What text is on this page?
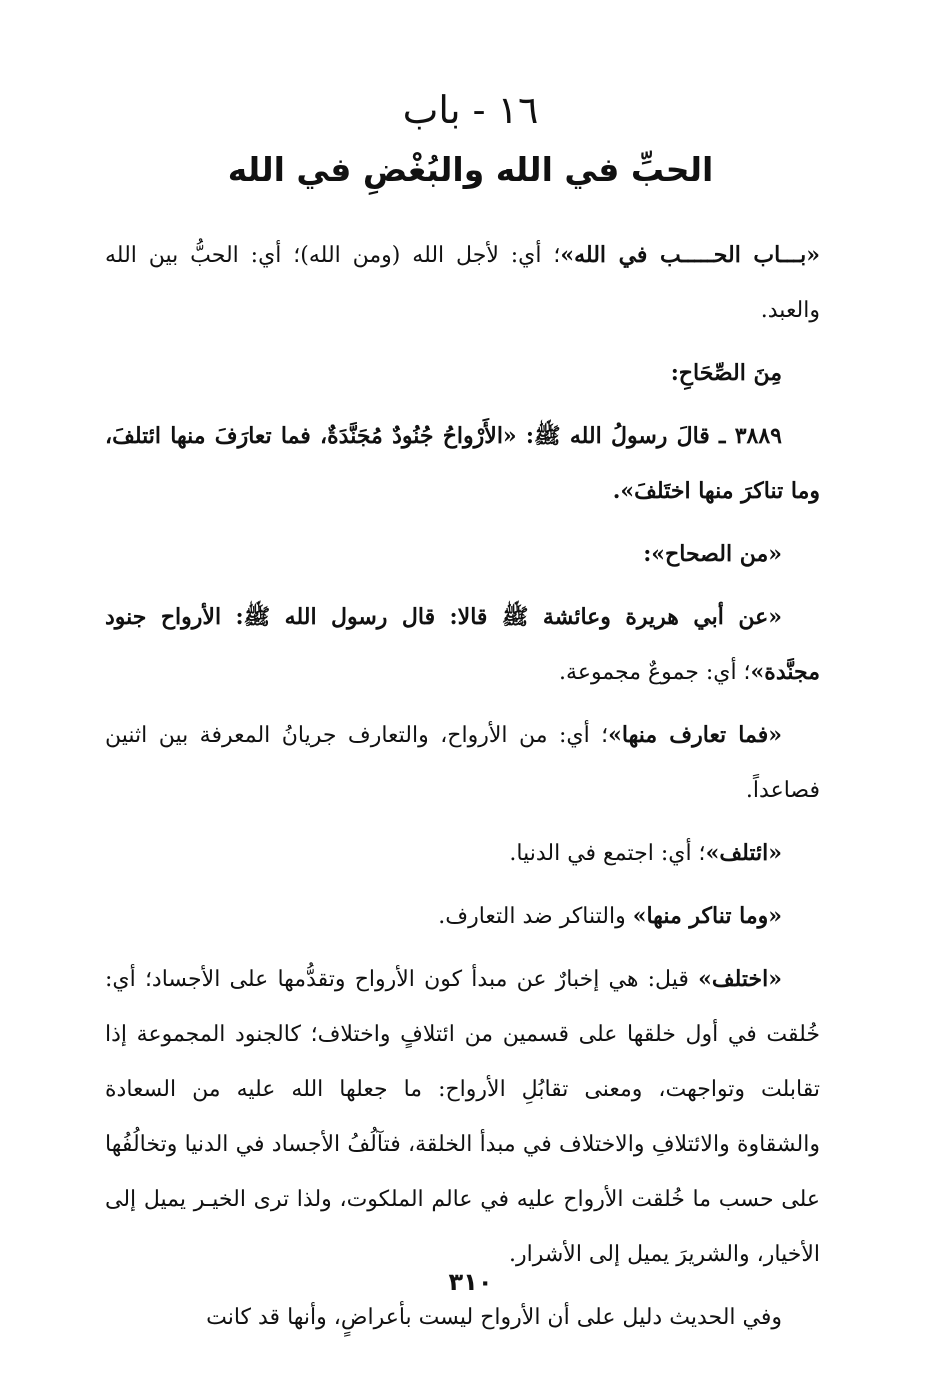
١٦ - باب
الحبِّ في الله والبُغْضِ في الله

«بـــاب الحـــــب في الله»؛ أي: لأجل الله (ومن الله)؛ أي: الحبُّ بين الله والعبد.

مِنَ الصِّحَاحِ:

٣٨٨٩ ـ قالَ رسولُ الله ﷺ: «الأَرْواحُ جُنُودٌ مُجَنَّدَةٌ، فما تعارَفَ منها ائتلفَ، وما تناكرَ منها اختَلفَ».

«من الصحاح»:

«عن أبي هريرة وعائشة ﷺ قالا: قال رسول الله ﷺ: الأرواح جنود مجنَّدة»؛ أي: جموعٌ مجموعة.

«فما تعارف منها»؛ أي: من الأرواح، والتعارف جريانُ المعرفة بين اثنين فصاعداً.

«ائتلف»؛ أي: اجتمع في الدنيا.

«وما تناكر منها» والتناكر ضد التعارف.

«اختلف» قيل: هي إخبارٌ عن مبدأ كون الأرواح وتقدُّمها على الأجساد؛ أي: خُلقت في أول خلقها على قسمين من ائتلافٍ واختلاف؛ كالجنود المجموعة إذا تقابلت وتواجهت، ومعنى تقابُلِ الأرواح: ما جعلها الله عليه من السعادة والشقاوة والائتلافِ والاختلاف في مبدأ الخلقة، فتآلُفُ الأجساد في الدنيا وتخالُفُها على حسب ما خُلقت الأرواح عليه في عالم الملكوت، ولذا ترى الخيـر يميل إلى الأخيار، والشريرَ يميل إلى الأشرار.

وفي الحديث دليل على أن الأرواح ليست بأعراضٍ، وأنها قد كانت

٣١٠
